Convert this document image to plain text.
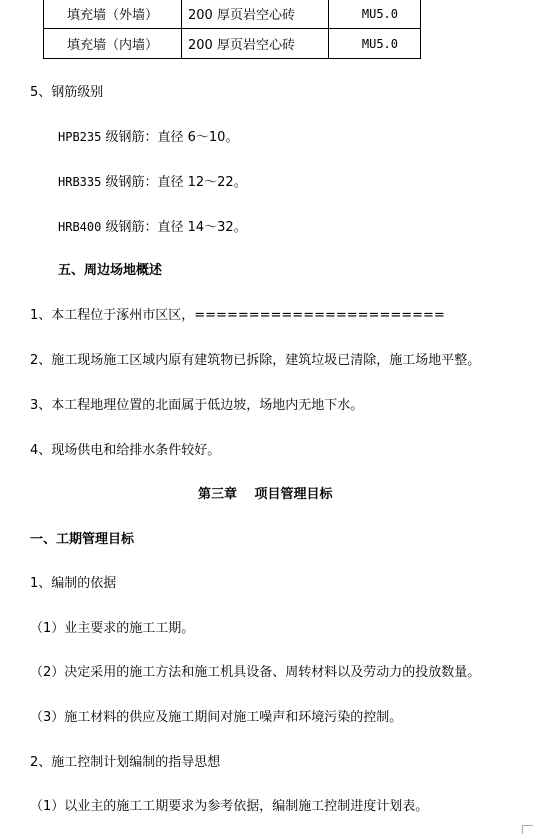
填充墙（外墙）	200 厚页岩空心砖	MU5.0
填充墙（内墙）	200 厚页岩空心砖	MU5.0
5、钢筋级别
HPB235 级钢筋：直径 6～10。
HRB335 级钢筋：直径 12～22。
HRB400 级钢筋：直径 14～32。
五、周边场地概述
1、本工程位于涿州市区区，=======================
2、施工现场施工区域内原有建筑物已拆除，建筑垃圾已清除，施工场地平整。
3、本工程地理位置的北面属于低边坡，场地内无地下水。
4、现场供电和给排水条件较好。
第三章　 项目管理目标
一、工期管理目标
1、编制的依据
（1）业主要求的施工工期。
（2）决定采用的施工方法和施工机具设备、周转材料以及劳动力的投放数量。
（3）施工材料的供应及施工期间对施工噪声和环境污染的控制。
2、施工控制计划编制的指导思想
（1）以业主的施工工期要求为参考依据，编制施工控制进度计划表。
